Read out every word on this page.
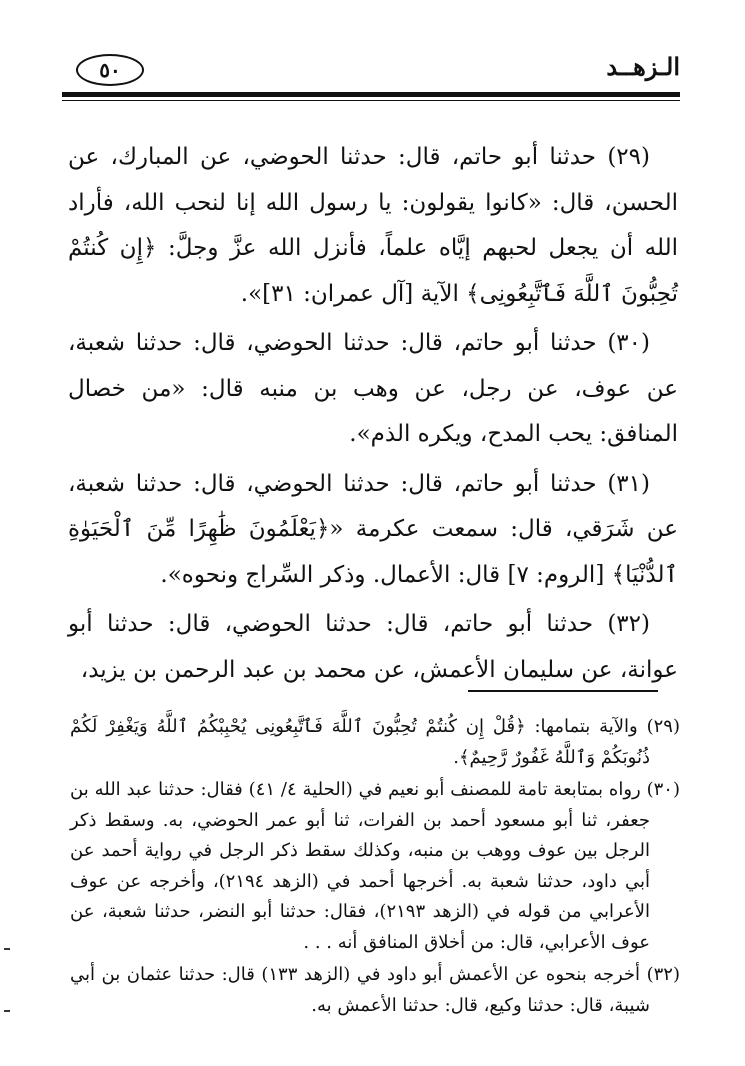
٥٠	الـزهــد

(٢٩) حدثنا أبو حاتم، قال: حدثنا الحوضي، عن المبارك، عن الحسن، قال: «كانوا يقولون: يا رسول الله إنا لنحب الله، فأراد الله أن يجعل لحبهم إيَّاه علماً، فأنزل الله عزَّ وجلَّ: ﴿إِن كُنتُمْ تُحِبُّونَ ٱللَّهَ فَٱتَّبِعُونِى﴾ الآية [آل عمران: ٣١]».

(٣٠) حدثنا أبو حاتم، قال: حدثنا الحوضي، قال: حدثنا شعبة، عن عوف، عن رجل، عن وهب بن منبه قال: «من خصال المنافق: يحب المدح، ويكره الذم».

(٣١) حدثنا أبو حاتم، قال: حدثنا الحوضي، قال: حدثنا شعبة، عن شَرَقي، قال: سمعت عكرمة «﴿يَعْلَمُونَ ظَٰهِرًا مِّنَ ٱلْحَيَوٰةِ ٱلدُّنْيَا﴾ [الروم: ٧] قال: الأعمال. وذكر السِّراج ونحوه».

(٣٢) حدثنا أبو حاتم، قال: حدثنا الحوضي، قال: حدثنا أبو عوانة، عن سليمان الأعمش، عن محمد بن عبد الرحمن بن يزيد،

(٢٩) والآية بتمامها: ﴿قُلْ إِن كُنتُمْ تُحِبُّونَ ٱللَّهَ فَٱتَّبِعُونِى يُحْبِبْكُمُ ٱللَّهُ وَيَغْفِرْ لَكُمْ ذُنُوبَكُمْ وَٱللَّهُ غَفُورٌ رَّحِيمٌ﴾.

(٣٠) رواه بمتابعة تامة للمصنف أبو نعيم في (الحلية ٤/ ٤١) فقال: حدثنا عبد الله بن جعفر، ثنا أبو مسعود أحمد بن الفرات، ثنا أبو عمر الحوضي، به. وسقط ذكر الرجل بين عوف ووهب بن منبه، وكذلك سقط ذكر الرجل في رواية أحمد عن أبي داود، حدثنا شعبة به. أخرجها أحمد في (الزهد ٢١٩٤)، وأخرجه عن عوف الأعرابي من قوله في (الزهد ٢١٩٣)، فقال: حدثنا أبو النضر، حدثنا شعبة، عن عوف الأعرابي، قال: من أخلاق المنافق أنه . . .

(٣٢) أخرجه بنحوه عن الأعمش أبو داود في (الزهد ١٣٣) قال: حدثنا عثمان بن أبي شيبة، قال: حدثنا وكيع، قال: حدثنا الأعمش به.
